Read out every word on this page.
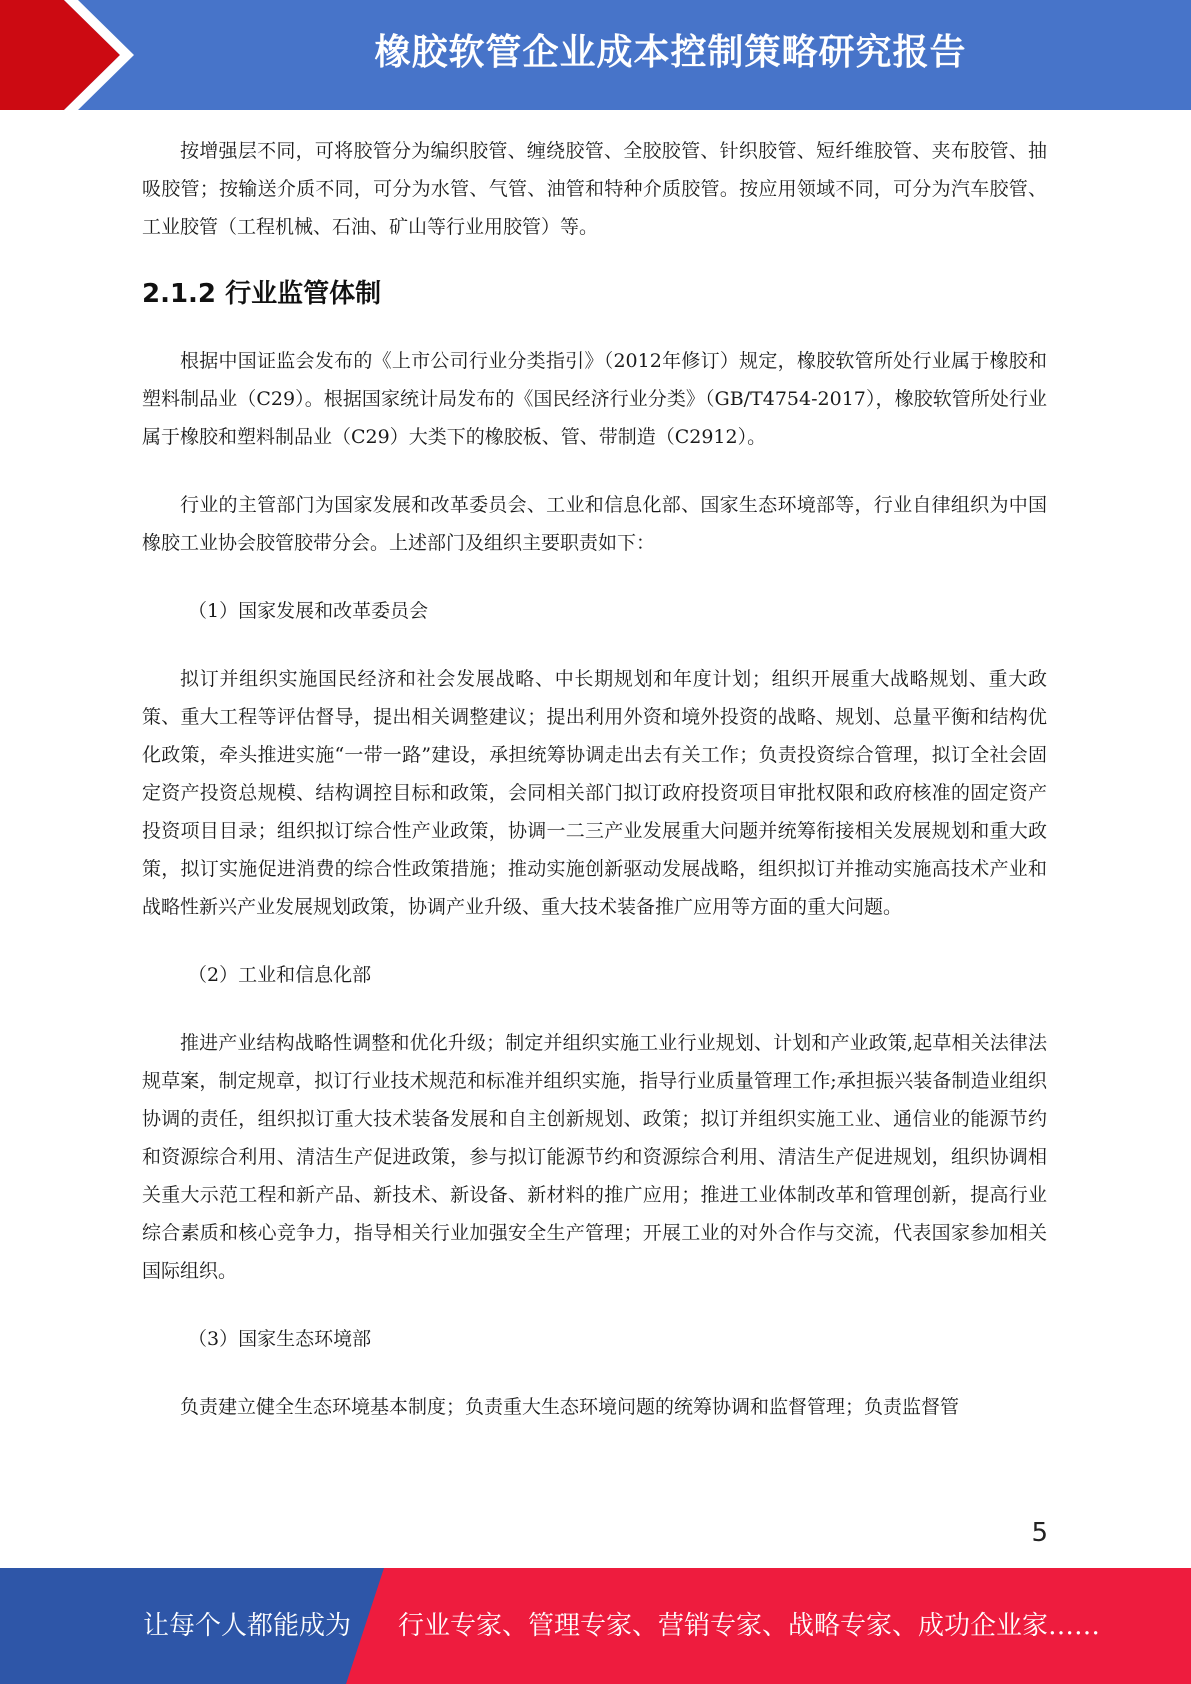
橡胶软管企业成本控制策略研究报告

按增强层不同，可将胶管分为编织胶管、缠绕胶管、全胶胶管、针织胶管、短纤维胶管、夹布胶管、抽吸胶管；按输送介质不同，可分为水管、气管、油管和特种介质胶管。按应用领域不同，可分为汽车胶管、工业胶管（工程机械、石油、矿山等行业用胶管）等。

2.1.2 行业监管体制

根据中国证监会发布的《上市公司行业分类指引》（2012年修订）规定，橡胶软管所处行业属于橡胶和塑料制品业（C29）。根据国家统计局发布的《国民经济行业分类》（GB/T4754-2017），橡胶软管所处行业属于橡胶和塑料制品业（C29）大类下的橡胶板、管、带制造（C2912）。

行业的主管部门为国家发展和改革委员会、工业和信息化部、国家生态环境部等，行业自律组织为中国橡胶工业协会胶管胶带分会。上述部门及组织主要职责如下：

（1）国家发展和改革委员会

拟订并组织实施国民经济和社会发展战略、中长期规划和年度计划；组织开展重大战略规划、重大政策、重大工程等评估督导，提出相关调整建议；提出利用外资和境外投资的战略、规划、总量平衡和结构优化政策，牵头推进实施“一带一路”建设，承担统筹协调走出去有关工作；负责投资综合管理，拟订全社会固定资产投资总规模、结构调控目标和政策，会同相关部门拟订政府投资项目审批权限和政府核准的固定资产投资项目目录；组织拟订综合性产业政策，协调一二三产业发展重大问题并统筹衔接相关发展规划和重大政策，拟订实施促进消费的综合性政策措施；推动实施创新驱动发展战略，组织拟订并推动实施高技术产业和战略性新兴产业发展规划政策，协调产业升级、重大技术装备推广应用等方面的重大问题。

（2）工业和信息化部

推进产业结构战略性调整和优化升级；制定并组织实施工业行业规划、计划和产业政策,起草相关法律法规草案，制定规章，拟订行业技术规范和标准并组织实施，指导行业质量管理工作;承担振兴装备制造业组织协调的责任，组织拟订重大技术装备发展和自主创新规划、政策；拟订并组织实施工业、通信业的能源节约和资源综合利用、清洁生产促进政策，参与拟订能源节约和资源综合利用、清洁生产促进规划，组织协调相关重大示范工程和新产品、新技术、新设备、新材料的推广应用；推进工业体制改革和管理创新，提高行业综合素质和核心竞争力，指导相关行业加强安全生产管理；开展工业的对外合作与交流，代表国家参加相关国际组织。

（3）国家生态环境部

负责建立健全生态环境基本制度；负责重大生态环境问题的统筹协调和监督管理；负责监督管

5
让每个人都能成为 行业专家、管理专家、营销专家、战略专家、成功企业家……
